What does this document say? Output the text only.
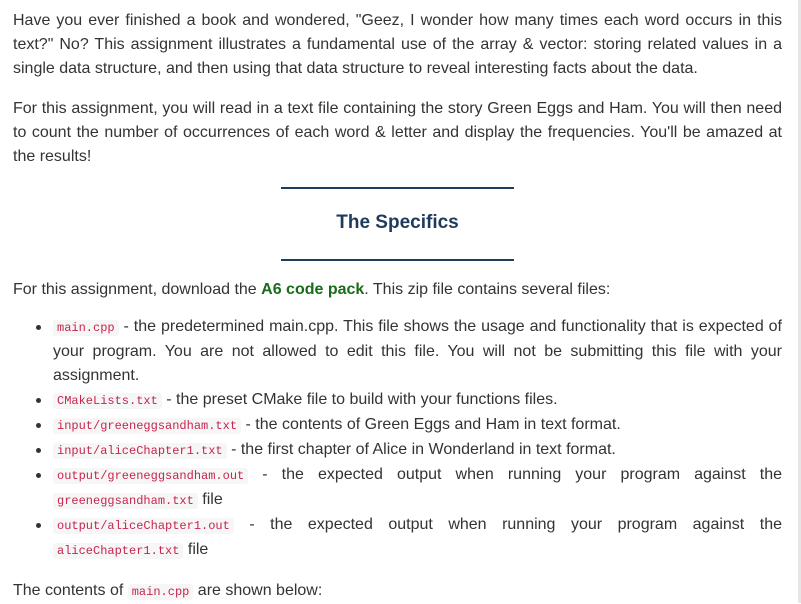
Have you ever finished a book and wondered, "Geez, I wonder how many times each word occurs in this text?" No? This assignment illustrates a fundamental use of the array & vector: storing related values in a single data structure, and then using that data structure to reveal interesting facts about the data.

For this assignment, you will read in a text file containing the story Green Eggs and Ham. You will then need to count the number of occurrences of each word & letter and display the frequencies. You'll be amazed at the results!

The Specifics

For this assignment, download the A6 code pack. This zip file contains several files:

main.cpp - the predetermined main.cpp. This file shows the usage and functionality that is expected of your program. You are not allowed to edit this file. You will not be submitting this file with your assignment.
CMakeLists.txt - the preset CMake file to build with your functions files.
input/greeneggsandham.txt - the contents of Green Eggs and Ham in text format.
input/aliceChapter1.txt - the first chapter of Alice in Wonderland in text format.
output/greeneggsandham.out - the expected output when running your program against the greeneggsandham.txt file
output/aliceChapter1.out - the expected output when running your program against the aliceChapter1.txt file

The contents of main.cpp are shown below:
